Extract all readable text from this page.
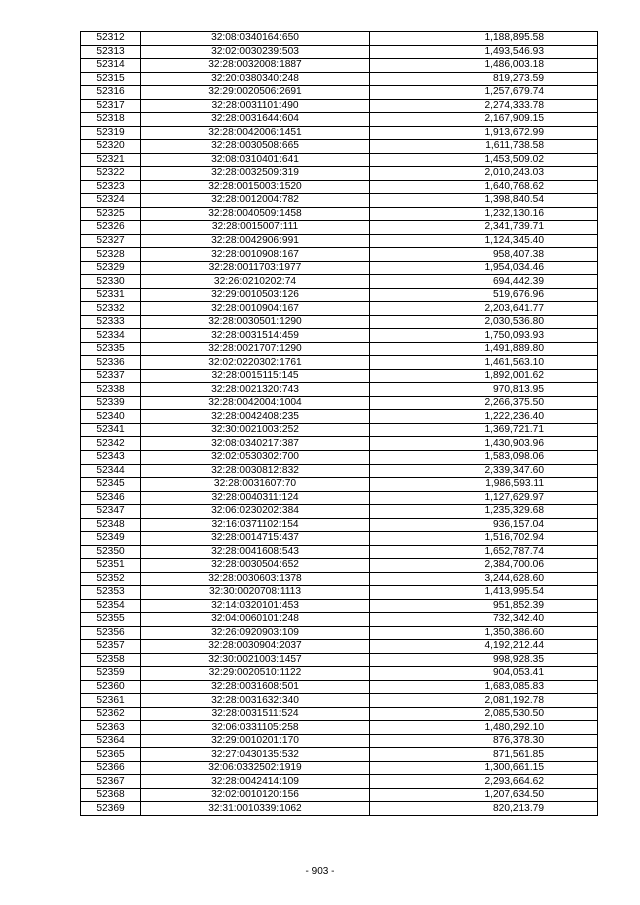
52312	32:08:0340164:650	1,188,895.58
52313	32:02:0030239:503	1,493,546.93
52314	32:28:0032008:1887	1,486,003.18
52315	32:20:0380340:248	819,273.59
52316	32:29:0020506:2691	1,257,679.74
52317	32:28:0031101:490	2,274,333.78
52318	32:28:0031644:604	2,167,909.15
52319	32:28:0042006:1451	1,913,672.99
52320	32:28:0030508:665	1,611,738.58
52321	32:08:0310401:641	1,453,509.02
52322	32:28:0032509:319	2,010,243.03
52323	32:28:0015003:1520	1,640,768.62
52324	32:28:0012004:782	1,398,840.54
52325	32:28:0040509:1458	1,232,130.16
52326	32:28:0015007:111	2,341,739.71
52327	32:28:0042906:991	1,124,345.40
52328	32:28:0010908:167	958,407.38
52329	32:28:0011703:1977	1,954,034.46
52330	32:26:0210202:74	694,442.39
52331	32:29:0010503:126	519,676.96
52332	32:28:0010904:167	2,203,641.77
52333	32:28:0030501:1290	2,030,536.80
52334	32:28:0031514:459	1,750,093.93
52335	32:28:0021707:1290	1,491,889.80
52336	32:02:0220302:1761	1,461,563.10
52337	32:28:0015115:145	1,892,001.62
52338	32:28:0021320:743	970,813.95
52339	32:28:0042004:1004	2,266,375.50
52340	32:28:0042408:235	1,222,236.40
52341	32:30:0021003:252	1,369,721.71
52342	32:08:0340217:387	1,430,903.96
52343	32:02:0530302:700	1,583,098.06
52344	32:28:0030812:832	2,339,347.60
52345	32:28:0031607:70	1,986,593.11
52346	32:28:0040311:124	1,127,629.97
52347	32:06:0230202:384	1,235,329.68
52348	32:16:0371102:154	936,157.04
52349	32:28:0014715:437	1,516,702.94
52350	32:28:0041608:543	1,652,787.74
52351	32:28:0030504:652	2,384,700.06
52352	32:28:0030603:1378	3,244,628.60
52353	32:30:0020708:1113	1,413,995.54
52354	32:14:0320101:453	951,852.39
52355	32:04:0060101:248	732,342.40
52356	32:26:0920903:109	1,350,386.60
52357	32:28:0030904:2037	4,192,212.44
52358	32:30:0021003:1457	998,928.35
52359	32:29:0020510:1122	904,053.41
52360	32:28:0031608:501	1,683,085.83
52361	32:28:0031632:340	2,081,192.78
52362	32:28:0031511:524	2,085,530.50
52363	32:06:0331105:258	1,480,292.10
52364	32:29:0010201:170	876,378.30
52365	32:27:0430135:532	871,561.85
52366	32:06:0332502:1919	1,300,661.15
52367	32:28:0042414:109	2,293,664.62
52368	32:02:0010120:156	1,207,634.50
52369	32:31:0010339:1062	820,213.79
- 903 -
